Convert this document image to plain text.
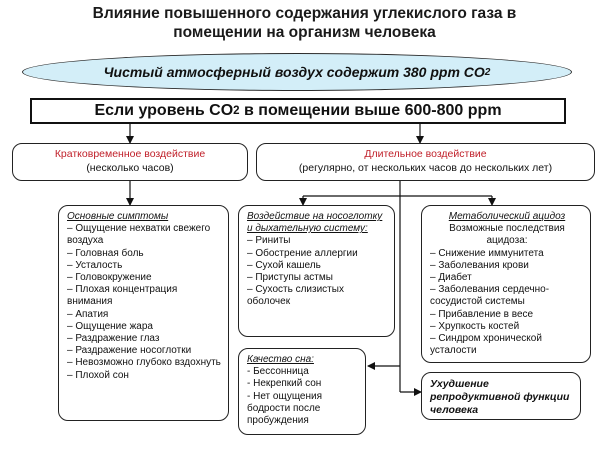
Влияние повышенного содержания углекислого газа в
помещении на организм человека
Чистый атмосферный воздух содержит 380 ppm CO 2
Если уровень CO 2 в помещении выше 600-800 ppm
Кратковременное воздействие
(несколько часов)
Длительное воздействие
(регулярно, от нескольких часов до нескольких лет)
Основные симптомы
– Ощущение нехватки свежего воздуха
– Головная боль
– Усталость
– Головокружение
– Плохая концентрация внимания
– Апатия
– Ощущение жара
– Раздражение глаз
– Раздражение носоглотки
– Невозможно глубоко вздохнуть
– Плохой сон
Воздействие на носоглотку и дыхательную систему:
– Риниты
– Обострение аллергии
– Сухой кашель
– Приступы астмы
– Сухость слизистых оболочек
Метаболический ацидоз
Возможные последствия ацидоза:
– Снижение иммунитета
– Заболевания крови
– Диабет
– Заболевания сердечно-сосудистой системы
– Прибавление в весе
– Хрупкость костей
– Синдром хронической усталости
Качество сна:
- Бессонница
- Некрепкий сон
- Нет ощущения бодрости после пробуждения
Ухудшение репродуктивной функции человека
